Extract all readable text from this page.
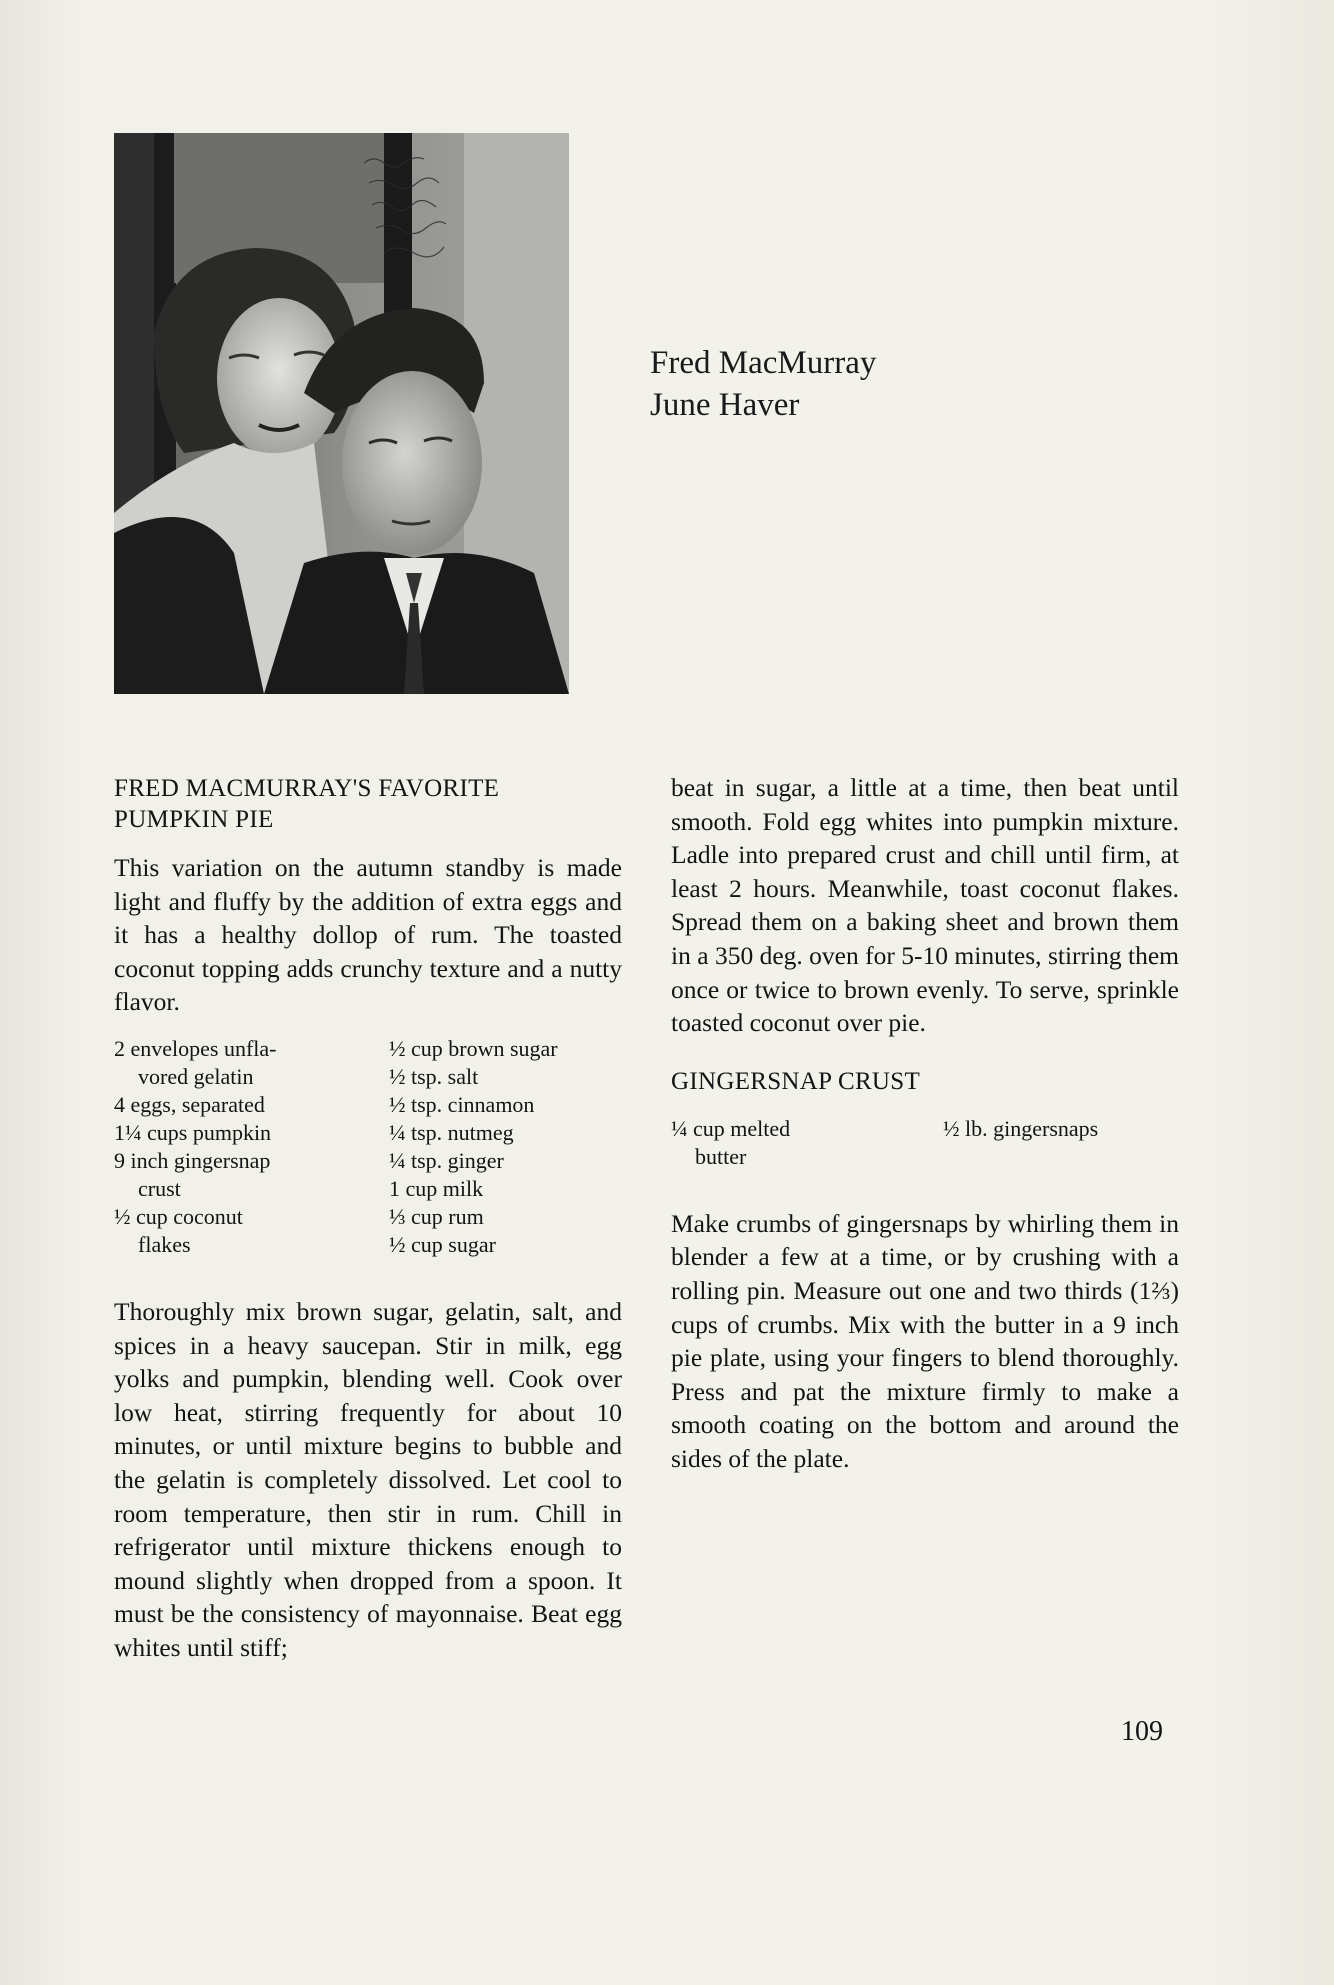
Fred MacMurray
June Haver

FRED MACMURRAY'S FAVORITE
PUMPKIN PIE

This variation on the autumn standby is made light and fluffy by the addition of extra eggs and it has a healthy dollop of rum. The toasted coconut topping adds crunchy texture and a nutty flavor.

2 envelopes unfla-
vored gelatin
4 eggs, separated
1¼ cups pumpkin
9 inch gingersnap
crust
½ cup coconut
flakes
½ cup brown sugar
½ tsp. salt
½ tsp. cinnamon
¼ tsp. nutmeg
¼ tsp. ginger
1 cup milk
⅓ cup rum
½ cup sugar

Thoroughly mix brown sugar, gelatin, salt, and spices in a heavy saucepan. Stir in milk, egg yolks and pumpkin, blending well. Cook over low heat, stirring frequently for about 10 minutes, or until mixture begins to bubble and the gelatin is completely dissolved. Let cool to room temperature, then stir in rum. Chill in refrigerator until mixture thickens enough to mound slightly when dropped from a spoon. It must be the consistency of mayonnaise. Beat egg whites until stiff;

beat in sugar, a little at a time, then beat until smooth. Fold egg whites into pumpkin mixture. Ladle into prepared crust and chill until firm, at least 2 hours. Meanwhile, toast coconut flakes. Spread them on a baking sheet and brown them in a 350 deg. oven for 5-10 minutes, stirring them once or twice to brown evenly. To serve, sprinkle toasted coconut over pie.

GINGERSNAP CRUST

¼ cup melted
butter
½ lb. gingersnaps

Make crumbs of gingersnaps by whirling them in blender a few at a time, or by crushing with a rolling pin. Measure out one and two thirds (1⅔) cups of crumbs. Mix with the butter in a 9 inch pie plate, using your fingers to blend thoroughly. Press and pat the mixture firmly to make a smooth coating on the bottom and around the sides of the plate.

109
